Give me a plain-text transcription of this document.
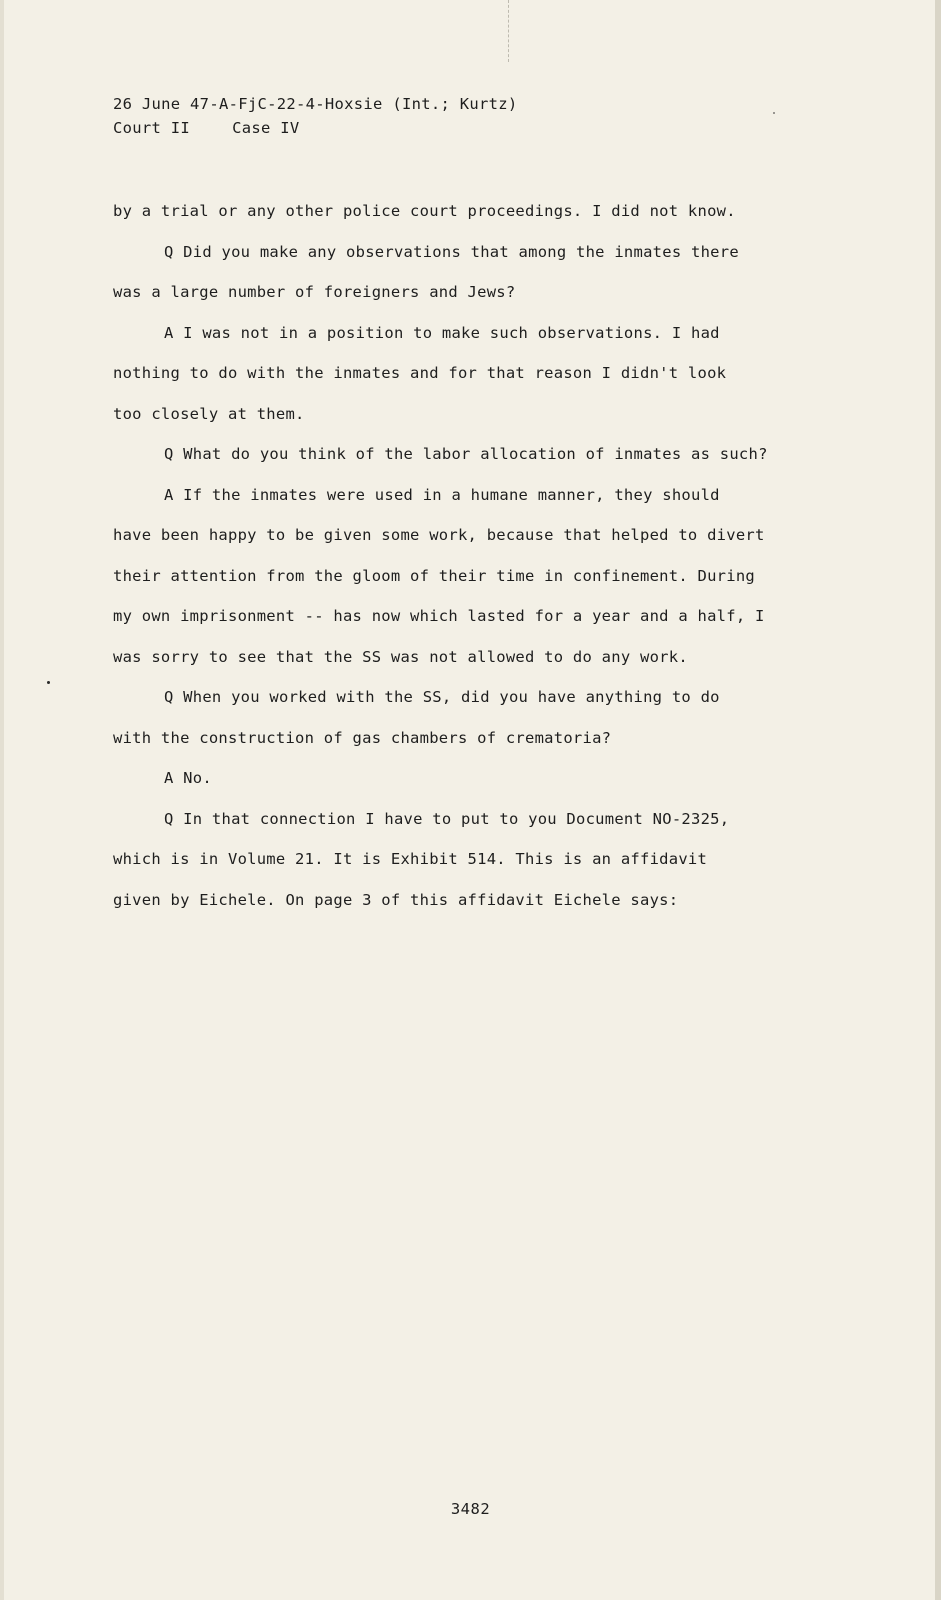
26 June 47-A-FjC-22-4-Hoxsie (Int.; Kurtz)
Court II	Case IV
by a trial or any other police court proceedings. I did not know.
Q Did you make any observations that among the inmates there
was a large number of foreigners and Jews?
A I was not in a position to make such observations. I had
nothing to do with the inmates and for that reason I didn't look
too closely at them.
Q What do you think of the labor allocation of inmates as such?
A If the inmates were used in a humane manner, they should
have been happy to be given some work, because that helped to divert
their attention from the gloom of their time in confinement. During
my own imprisonment -- has now which lasted for a year and a half, I
was sorry to see that the SS was not allowed to do any work.
Q When you worked with the SS, did you have anything to do
with the construction of gas chambers of crematoria?
A No.
Q In that connection I have to put to you Document NO-2325,
which is in Volume 21. It is Exhibit 514. This is an affidavit
given by Eichele. On page 3 of this affidavit Eichele says:
3482
